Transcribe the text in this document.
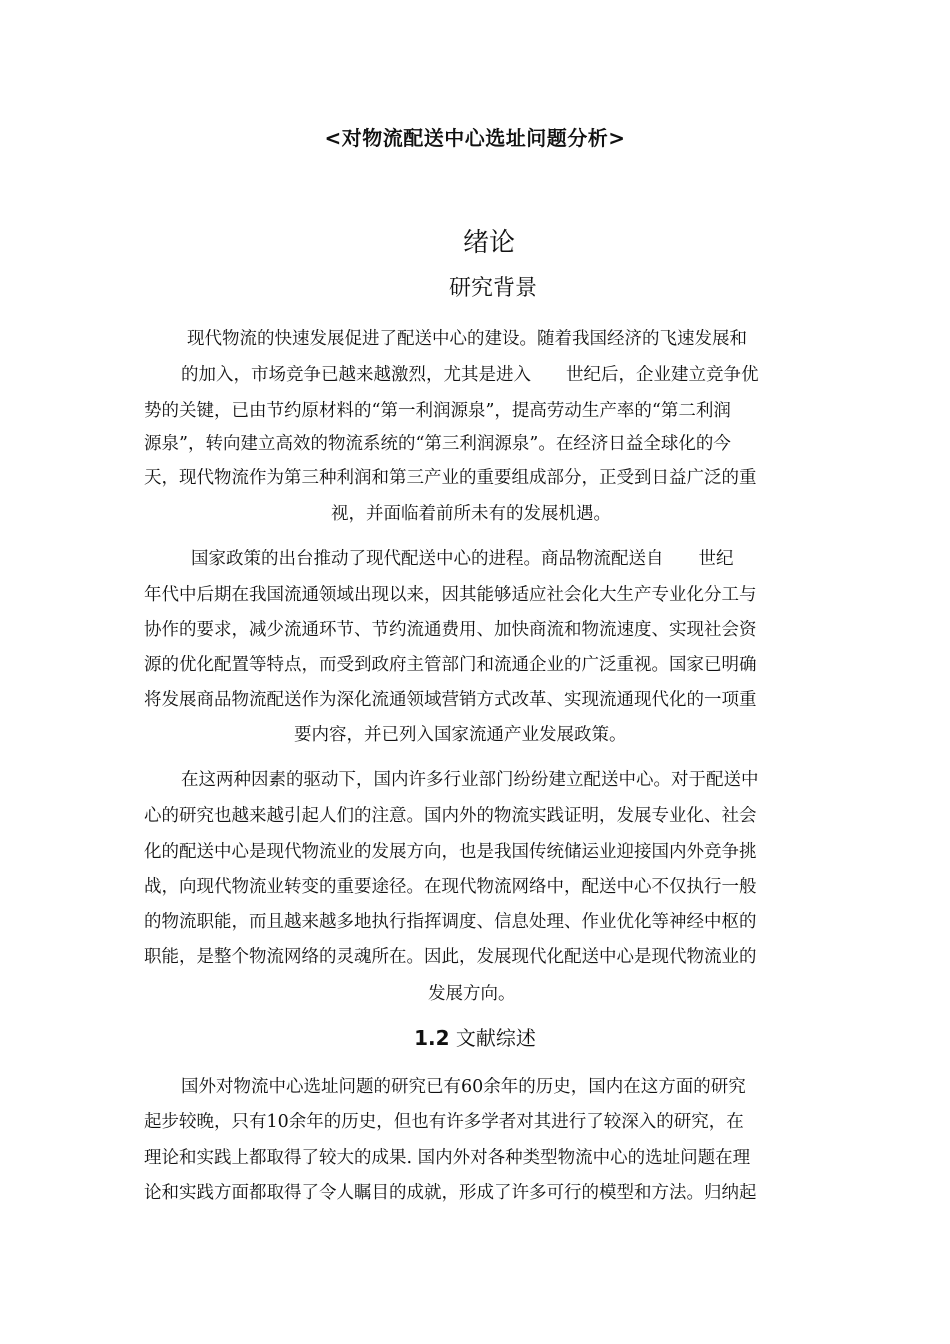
<对物流配送中心选址问题分析>
绪论
研究背景
现代物流的快速发展促进了配送中心的建设。随着我国经济的飞速发展和
的加入，市场竞争已越来越激烈，尤其是进入　　世纪后，企业建立竞争优
势的关键，已由节约原材料的“第一利润源泉”，提高劳动生产率的“第二利润
源泉”，转向建立高效的物流系统的“第三利润源泉”。在经济日益全球化的今
天，现代物流作为第三种利润和第三产业的重要组成部分，正受到日益广泛的重
视，并面临着前所未有的发展机遇。
国家政策的出台推动了现代配送中心的进程。商品物流配送自　　世纪
年代中后期在我国流通领域出现以来，因其能够适应社会化大生产专业化分工与
协作的要求，减少流通环节、节约流通费用、加快商流和物流速度、实现社会资
源的优化配置等特点，而受到政府主管部门和流通企业的广泛重视。国家已明确
将发展商品物流配送作为深化流通领域营销方式改革、实现流通现代化的一项重
要内容，并已列入国家流通产业发展政策。
在这两种因素的驱动下，国内许多行业部门纷纷建立配送中心。对于配送中
心的研究也越来越引起人们的注意。国内外的物流实践证明，发展专业化、社会
化的配送中心是现代物流业的发展方向，也是我国传统储运业迎接国内外竞争挑
战，向现代物流业转变的重要途径。在现代物流网络中，配送中心不仅执行一般
的物流职能，而且越来越多地执行指挥调度、信息处理、作业优化等神经中枢的
职能，是整个物流网络的灵魂所在。因此，发展现代化配送中心是现代物流业的
发展方向。
1.2 文献综述
国外对物流中心选址问题的研究已有60余年的历史，国内在这方面的研究
起步较晚，只有10余年的历史，但也有许多学者对其进行了较深入的研究，在
理论和实践上都取得了较大的成果. 国内外对各种类型物流中心的选址问题在理
论和实践方面都取得了令人瞩目的成就，形成了许多可行的模型和方法。归纳起
